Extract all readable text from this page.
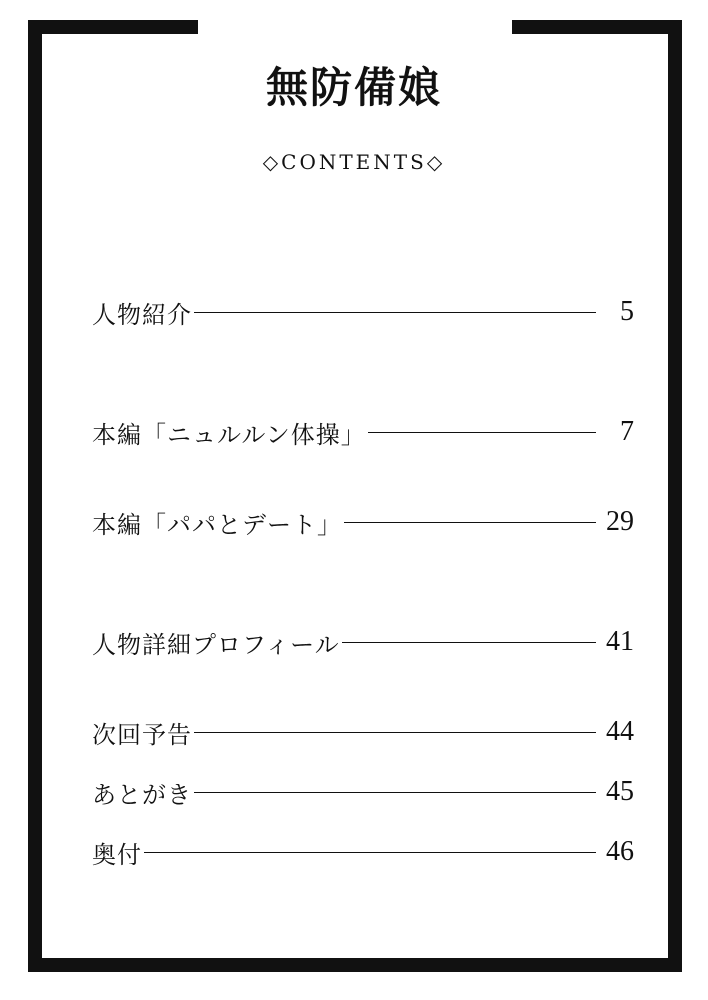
無防備娘
◇CONTENTS◇
人物紹介	5
本編「ニュルルン体操」	7
本編「パパとデート」	29
人物詳細プロフィール	41
次回予告	44
あとがき	45
奥付	46
